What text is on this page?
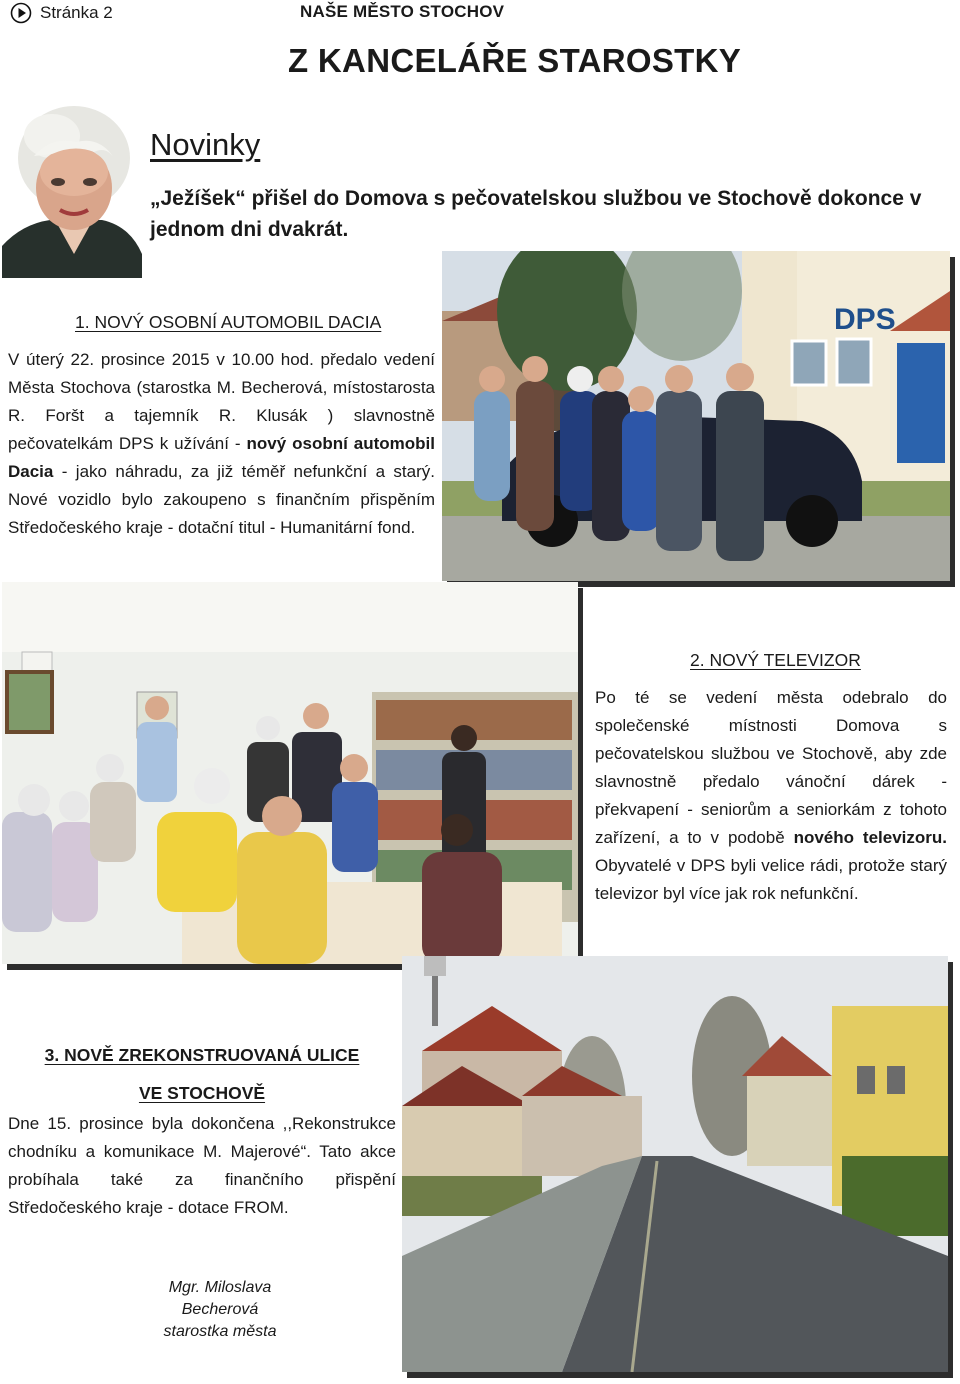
Stránka 2	NAŠE MĚSTO STOCHOV
Z KANCELÁŘE STAROSTKY
Novinky
„Ježíšek“ přišel do Domova s pečovatelskou službou ve Stochově dokonce v jednom dni dvakrát.
1. NOVÝ OSOBNÍ AUTOMOBIL DACIA
V úterý 22. prosince 2015 v 10.00 hod. předalo vedení Města Stochova (starostka M. Becherová, místostarosta R. Foršt a tajemník R. Klusák ) slavnostně pečovatelkám DPS k užívání - nový osobní automobil Dacia - jako náhradu, za již téměř nefunkční a starý. Nové vozidlo bylo zakoupeno s finančním přispěním Středočeského kraje - dotační titul - Humanitární fond.
DPS
2. NOVÝ TELEVIZOR
Po té se vedení města odebralo do společenské místnosti Domova s pečovatelskou službou ve Stochově, aby zde slavnostně předalo vánoční dárek - překvapení - seniorům a seniorkám z tohoto zařízení, a to v podobě nového televizoru. Obyvatelé v DPS byli velice rádi, protože starý televizor byl více jak rok nefunkční.
3. NOVĚ ZREKONSTRUOVANÁ ULICE
VE STOCHOVĚ
Dne 15. prosince byla dokončena ,,Rekonstrukce chodníku a komunikace M. Majerové“. Tato akce probíhala také za finančního přispění Středočeského kraje - dotace FROM.
Mgr. Miloslava Becherová
starostka města
